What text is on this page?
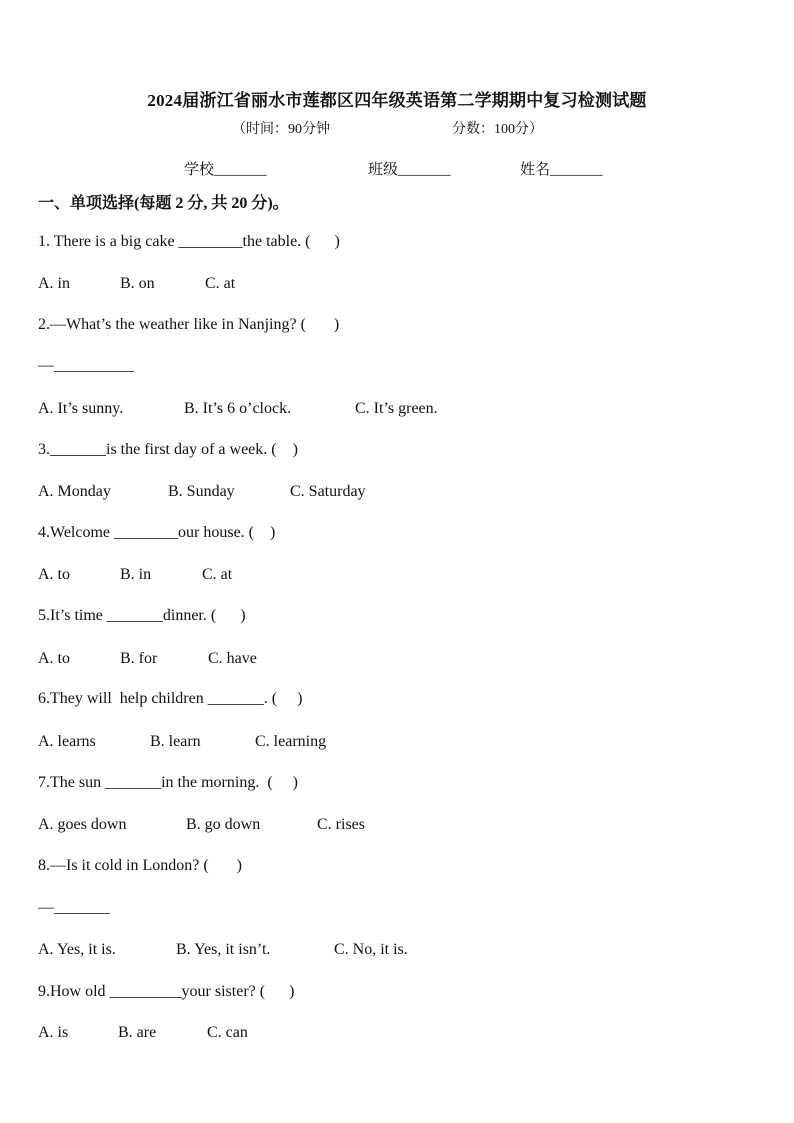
2024届浙江省丽水市莲都区四年级英语第二学期期中复习检测试题
（时间：90分钟	分数：100分）
学校_______	班级_______	姓名_______
一、单项选择(每题 2 分, 共 20 分)。
1. There is a big cake ________the table. (      )
A. in	B. on	C. at
2.—What’s the weather like in Nanjing? (       )
—__________
A. It’s sunny.	B. It’s 6 o’clock.	C. It’s green.
3._______is the first day of a week. (    )
A. Monday	B. Sunday	C. Saturday
4.Welcome ________our house. (    )
A. to	B. in	C. at
5.It’s time _______dinner. (      )
A. to	B. for	C. have
6.They will  help children _______. (     )
A. learns	B. learn	C. learning
7.The sun _______in the morning.  (     )
A. goes down	B. go down	C. rises
8.—Is it cold in London? (       )
—_______
A. Yes, it is.	B. Yes, it isn’t.	C. No, it is.
9.How old _________your sister? (      )
A. is	B. are	C. can
